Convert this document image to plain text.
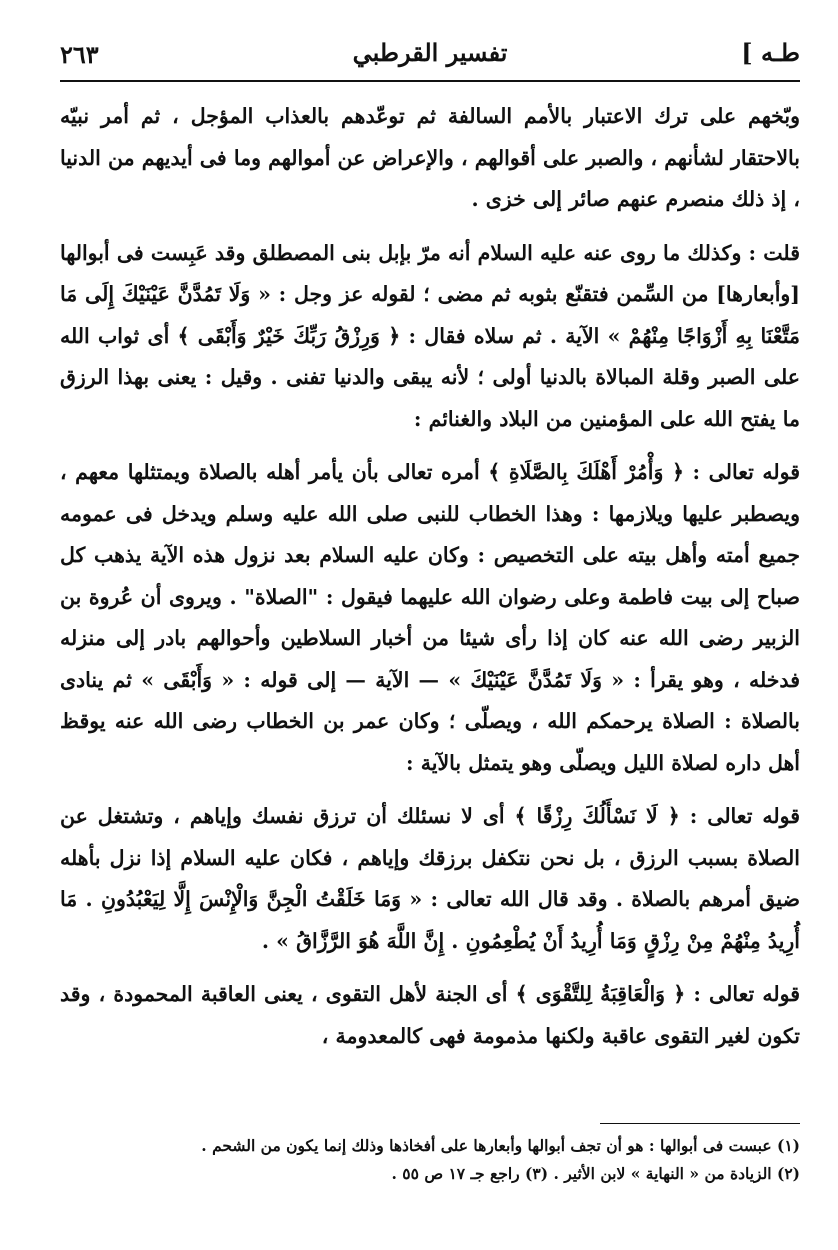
طـه ]
تفسير القرطبي
٢٦٣

وبّخهم على ترك الاعتبار بالأمم السالفة ثم توعّدهم بالعذاب المؤجل ، ثم أمر نبيّه بالاحتقار لشأنهم ، والصبر على أقوالهم ، والإعراض عن أموالهم وما فى أيديهم من الدنيا ، إذ ذلك منصرم عنهم صائر إلى خزى .

قلت : وكذلك ما روى عنه عليه السلام أنه مرّ بإبل بنى المصطلق وقد عَبِست فى أبوالها [وأبعارها] من السِّمن فتقنّع بثوبه ثم مضى ؛ لقوله عز وجل : « وَلَا تَمُدَّنَّ عَيْنَيْكَ إِلَى مَا مَتَّعْنَا بِهِ أَزْوَاجًا مِنْهُمْ » الآية . ثم سلاه فقال : ﴿ وَرِزْقُ رَبِّكَ خَيْرٌ وَأَبْقَى ﴾ أى ثواب الله على الصبر وقلة المبالاة بالدنيا أولى ؛ لأنه يبقى والدنيا تفنى . وقيل : يعنى بهذا الرزق ما يفتح الله على المؤمنين من البلاد والغنائم :

قوله تعالى : ﴿ وَأْمُرْ أَهْلَكَ بِالصَّلَاةِ ﴾ أمره تعالى بأن يأمر أهله بالصلاة ويمتثلها معهم ، ويصطبر عليها ويلازمها : وهذا الخطاب للنبى صلى الله عليه وسلم ويدخل فى عمومه جميع أمته وأهل بيته على التخصيص : وكان عليه السلام بعد نزول هذه الآية يذهب كل صباح إلى بيت فاطمة وعلى رضوان الله عليهما فيقول : "الصلاة" . ويروى أن عُروة بن الزبير رضى الله عنه كان إذا رأى شيئا من أخبار السلاطين وأحوالهم بادر إلى منزله فدخله ، وهو يقرأ : « وَلَا تَمُدَّنَّ عَيْنَيْكَ » — الآية — إلى قوله : « وَأَبْقَى » ثم ينادى بالصلاة : الصلاة يرحمكم الله ، ويصلّى ؛ وكان عمر بن الخطاب رضى الله عنه يوقظ أهل داره لصلاة الليل ويصلّى وهو يتمثل بالآية :

قوله تعالى : ﴿ لَا نَسْأَلُكَ رِزْقًا ﴾ أى لا نسئلك أن ترزق نفسك وإياهم ، وتشتغل عن الصلاة بسبب الرزق ، بل نحن نتكفل برزقك وإياهم ، فكان عليه السلام إذا نزل بأهله ضيق أمرهم بالصلاة . وقد قال الله تعالى : « وَمَا خَلَقْتُ الْجِنَّ وَالْإِنْسَ إِلَّا لِيَعْبُدُونِ . مَا أُرِيدُ مِنْهُمْ مِنْ رِزْقٍ وَمَا أُرِيدُ أَنْ يُطْعِمُونِ . إِنَّ اللَّهَ هُوَ الرَّزَّاقُ » .

قوله تعالى : ﴿ وَالْعَاقِبَةُ لِلتَّقْوَى ﴾ أى الجنة لأهل التقوى ، يعنى العاقبة المحمودة ، وقد تكون لغير التقوى عاقبة ولكنها مذمومة فهى كالمعدومة ،

(١) عبست فى أبوالها : هو أن تجف أبوالها وأبعارها على أفخاذها وذلك إنما يكون من الشحم .

(٢) الزيادة من « النهاية » لابن الأثير . (٣) راجع جـ ١٧ ص ٥٥ .
